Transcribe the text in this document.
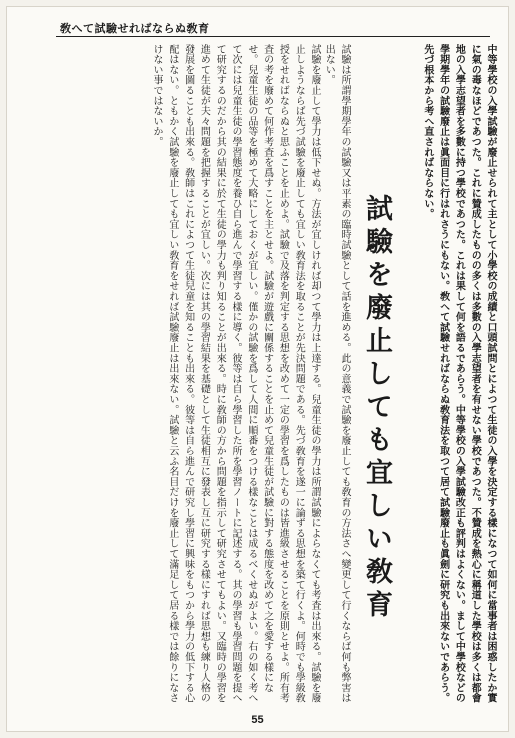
敎へて試驗せればならぬ敎育
中等學校の入學試驗が廢止せられて主として小學校の成績と口頭試問とによつて生徒の入學を決定する樣になつて如何に當事者は困惑したか實に氣の毒なほどであつた。これに贊成したものの多くは多數の入學志望者を有せない學校であつた。不贊成を熱心に稱道した學校は多くは都會地の入學志望者を多數に持つ學校であつた。これは果して何を語るであらう。中等學校の入學試驗改正も評判はよくない。まして中學校などの學期學年の試驗廢止は眞面目に行はれさうにもない。敎へて試驗せればならぬ敎育法を取つて居て試驗廢止も眞劍に研究も出來ないであらう。先づ根本から考へ直さればならない。
試驗を廢止しても宜しい敎育
試驗は所謂學期學年の試驗又は平素の臨時試驗として話を進める。此の意義で試驗を廢止しても敎育の方法さへ變更して行くならば何も弊害は出ない。
試驗を廢止して學力は低下せぬ。方法が宜しければ却つて學力は上達する。兒童生徒の學力は所謂試驗によらなくても考査は出來る。試驗を廢止しようならば先づ試驗を廢止しても宜しい敎育法を取ることが先決問題である。先づ敎育を遂一に論ずる思想を築て行くよ。何時でも學級敎授をせればならぬと思ふことを止めよ。試驗で及落を判定する思想を改めて一定の學習を爲したものは皆進級させることを原則とせよ。所有考査の考を廢めて何作考査を爲すことを主とせよ。試驗が遊戲に關係することを止めて兒童生徒が試驗に對する態度を改めて之を愛する樣になせ。兒童生徒の品等を極めて大略にしておくが宜しい。僅かの試驗を爲して人間に順番をつける樣なことは成るべくせぬがよい。右の如く考へて次には兒童生徒の學習態度を養ひ自ら進んで學習する樣に導く。彼等は自ら學習した所を學習ノートに記述する。其の學習も學習問題を提へて研究するのだから其の結果に於て生徒の學力も判り知ることが出來る。時に敎師の方から問題を指示して研究させてもよい。又臨時の學習を進めて生徒が夫々問題を把握することが宜しい。次には其の學習結果を基礎として生徒相互に發表し互に研究する樣にすれば思想も練り人格の發展を圖ることも出來る。敎師はこれによつて生徒兒童を知ることも出來る。彼等は自ら進んで研究し學習に興味をもつから學力の低下する心配はない。ともかく試驗を廢止しても宜しい敎育をせれば試驗廢止は出來ない。試驗と云ふ名目だけを廢止して滿足して居る樣では餘りになさけない事ではないか。
55
